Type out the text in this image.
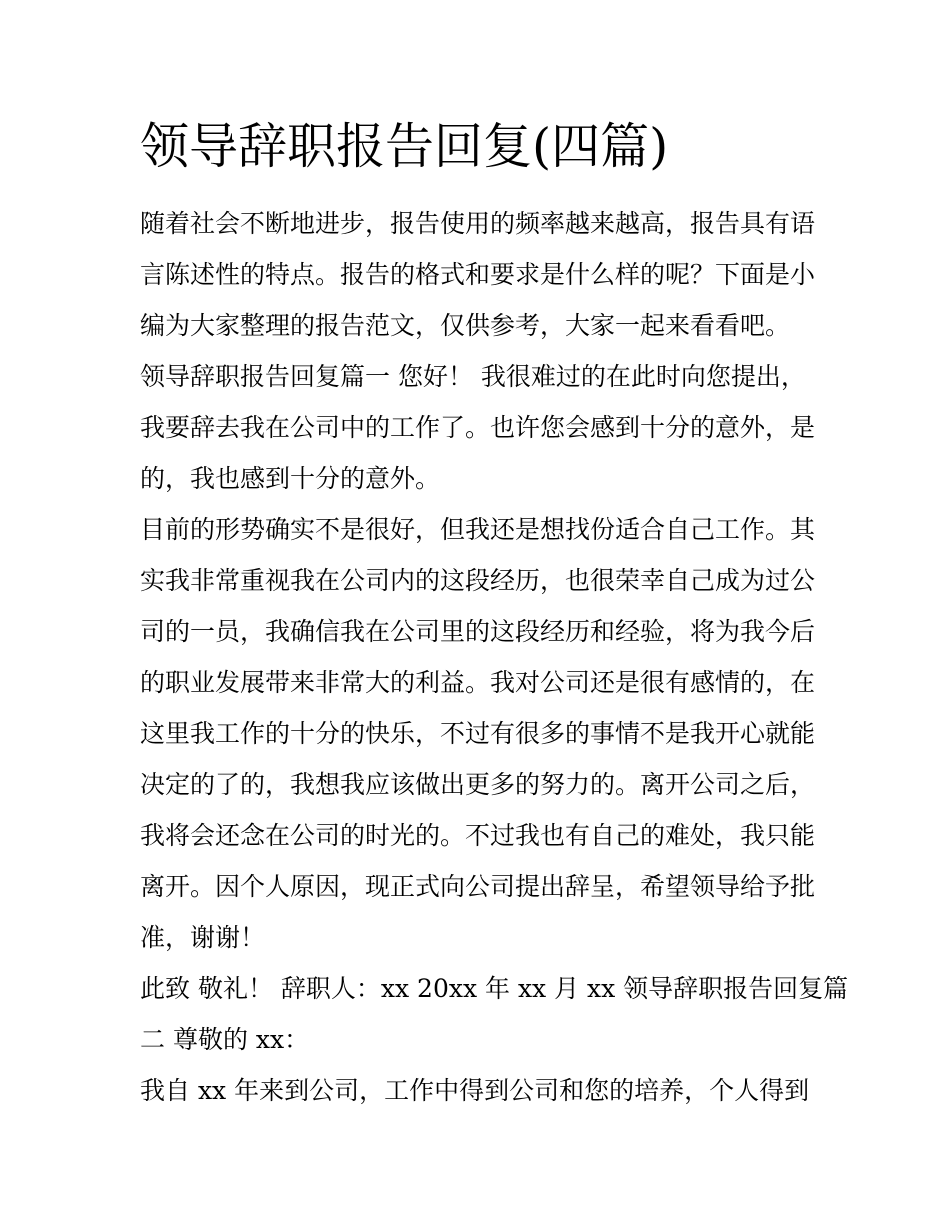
领导辞职报告回复(四篇)
随着社会不断地进步，报告使用的频率越来越高，报告具有语
言陈述性的特点。报告的格式和要求是什么样的呢？下面是小
编为大家整理的报告范文，仅供参考，大家一起来看看吧。
领导辞职报告回复篇一 您好！ 我很难过的在此时向您提出，
我要辞去我在公司中的工作了。也许您会感到十分的意外，是
的，我也感到十分的意外。
目前的形势确实不是很好，但我还是想找份适合自己工作。其
实我非常重视我在公司内的这段经历，也很荣幸自己成为过公
司的一员，我确信我在公司里的这段经历和经验，将为我今后
的职业发展带来非常大的利益。我对公司还是很有感情的，在
这里我工作的十分的快乐，不过有很多的事情不是我开心就能
决定的了的，我想我应该做出更多的努力的。离开公司之后，
我将会还念在公司的时光的。不过我也有自己的难处，我只能
离开。因个人原因，现正式向公司提出辞呈，希望领导给予批
准，谢谢！
此致 敬礼！ 辞职人：xx 20xx 年 xx 月 xx 领导辞职报告回复篇
二 尊敬的 xx：
我自 xx 年来到公司，工作中得到公司和您的培养，个人得到
